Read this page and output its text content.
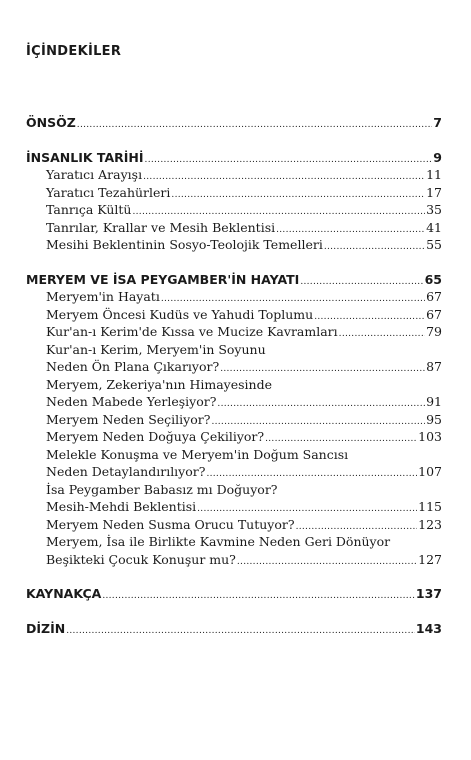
İÇİNDEKİLER
ÖNSÖZ .....	7
İNSANLIK TARİHİ .....	9
Yaratıcı Arayışı .....	11
Yaratıcı Tezahürleri .....	17
Tanrıça Kültü .....	35
Tanrılar, Krallar ve Mesih Beklentisi .....	41
Mesihi Beklentinin Sosyo-Teolojik Temelleri .....	55
MERYEM VE İSA PEYGAMBER'İN HAYATI .....	65
Meryem'in Hayatı .....	67
Meryem Öncesi Kudüs ve Yahudi Toplumu .....	67
Kur'an-ı Kerim'de Kıssa ve Mucize Kavramları .....	79
Kur'an-ı Kerim, Meryem'in Soyunu
Neden Ön Plana Çıkarıyor? .....	87
Meryem, Zekeriya'nın Himayesinde
Neden Mabede Yerleşiyor? .....	91
Meryem Neden Seçiliyor? .....	95
Meryem Neden Doğuya Çekiliyor? .....	103
Melekle Konuşma ve Meryem'in Doğum Sancısı
Neden Detaylandırılıyor? .....	107
İsa Peygamber Babasız mı Doğuyor?
Mesih-Mehdi Beklentisi .....	115
Meryem Neden Susma Orucu Tutuyor? .....	123
Meryem, İsa ile Birlikte Kavmine Neden Geri Dönüyor
Beşikteki Çocuk Konuşur mu? .....	127
KAYNAKÇA .....	137
DİZİN .....	143
